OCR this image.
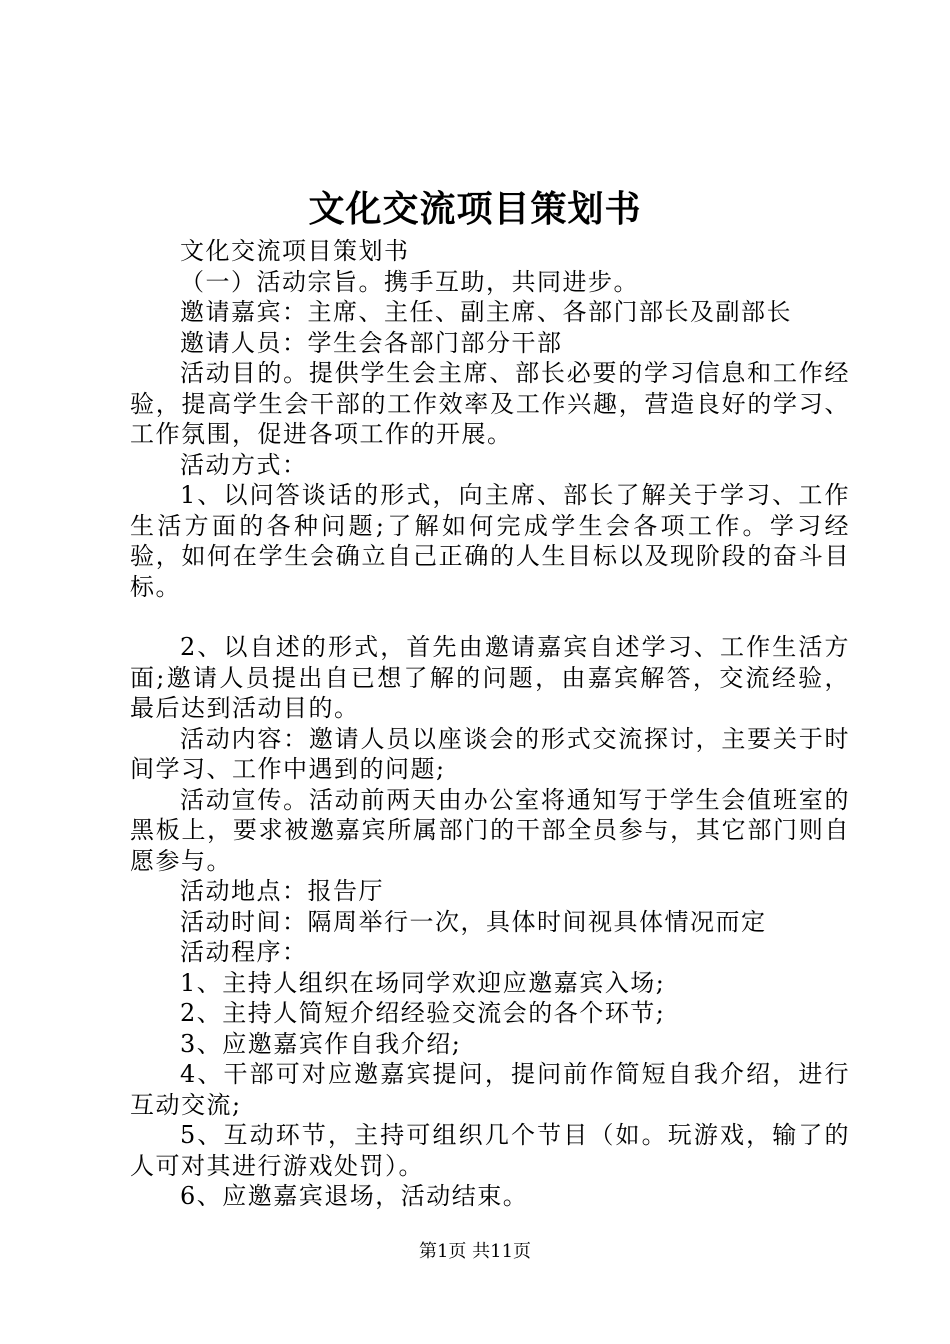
文化交流项目策划书

文化交流项目策划书

（一）活动宗旨。携手互助，共同进步。

邀请嘉宾：主席、主任、副主席、各部门部长及副部长

邀请人员：学生会各部门部分干部

活动目的。提供学生会主席、部长必要的学习信息和工作经验，提高学生会干部的工作效率及工作兴趣，营造良好的学习、工作氛围，促进各项工作的开展。

活动方式：

1、以问答谈话的形式，向主席、部长了解关于学习、工作生活方面的各种问题;了解如何完成学生会各项工作。学习经验，如何在学生会确立自己正确的人生目标以及现阶段的奋斗目标。

2、以自述的形式，首先由邀请嘉宾自述学习、工作生活方面;邀请人员提出自已想了解的问题，由嘉宾解答，交流经验，最后达到活动目的。

活动内容：邀请人员以座谈会的形式交流探讨，主要关于时间学习、工作中遇到的问题;

活动宣传。活动前两天由办公室将通知写于学生会值班室的黑板上，要求被邀嘉宾所属部门的干部全员参与，其它部门则自愿参与。

活动地点：报告厅

活动时间：隔周举行一次，具体时间视具体情况而定

活动程序：

1、主持人组织在场同学欢迎应邀嘉宾入场;

2、主持人简短介绍经验交流会的各个环节;

3、应邀嘉宾作自我介绍;

4、干部可对应邀嘉宾提问，提问前作简短自我介绍，进行互动交流;

5、互动环节，主持可组织几个节目（如。玩游戏，输了的人可对其进行游戏处罚）。

6、应邀嘉宾退场，活动结束。

第1页 共11页
